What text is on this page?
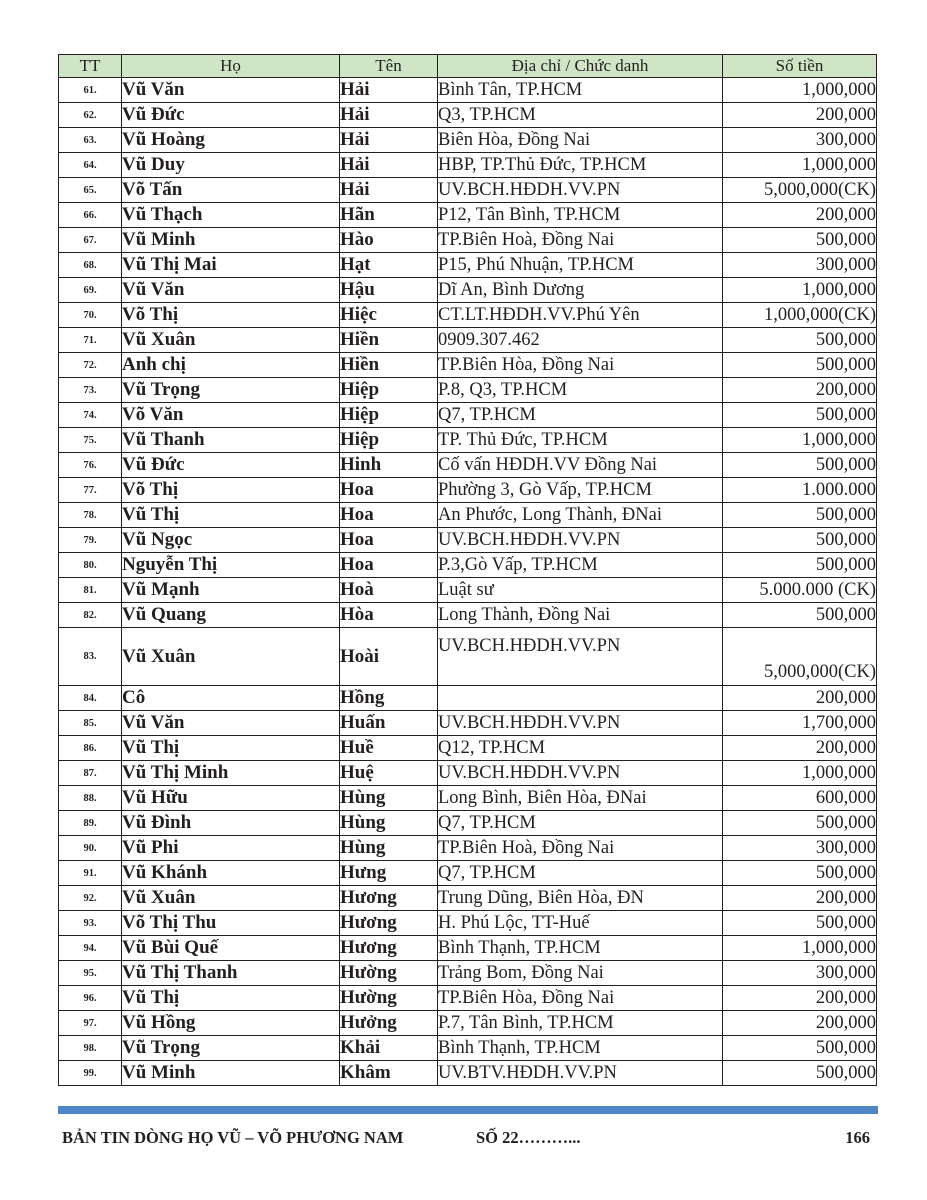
TT	Họ	Tên	Địa chỉ / Chức danh	Số tiền
61.	Vũ Văn	Hải	Bình Tân, TP.HCM	1,000,000
62.	Vũ Đức	Hải	Q3, TP.HCM	200,000
63.	Vũ Hoàng	Hải	Biên Hòa, Đồng Nai	300,000
64.	Vũ Duy	Hải	HBP, TP.Thủ Đức, TP.HCM	1,000,000
65.	Võ Tấn	Hải	UV.BCH.HĐDH.VV.PN	5,000,000(CK)
66.	Vũ Thạch	Hãn	P12, Tân Bình, TP.HCM	200,000
67.	Vũ Minh	Hào	TP.Biên Hoà, Đồng Nai	500,000
68.	Vũ Thị Mai	Hạt	P15, Phú Nhuận, TP.HCM	300,000
69.	Vũ Văn	Hậu	Dĩ An, Bình Dương	1,000,000
70.	Võ Thị	Hiệc	CT.LT.HĐDH.VV.Phú Yên	1,000,000(CK)
71.	Vũ Xuân	Hiền	0909.307.462	500,000
72.	Anh chị	Hiền	TP.Biên Hòa, Đồng Nai	500,000
73.	Vũ Trọng	Hiệp	P.8, Q3, TP.HCM	200,000
74.	Võ Văn	Hiệp	Q7, TP.HCM	500,000
75.	Vũ Thanh	Hiệp	TP. Thủ Đức, TP.HCM	1,000,000
76.	Vũ Đức	Hinh	Cố vấn HĐDH.VV Đồng Nai	500,000
77.	Võ Thị	Hoa	Phường 3, Gò Vấp, TP.HCM	1.000.000
78.	Vũ Thị	Hoa	An Phước, Long Thành, ĐNai	500,000
79.	Vũ Ngọc	Hoa	UV.BCH.HĐDH.VV.PN	500,000
80.	Nguyễn Thị	Hoa	P.3,Gò Vấp, TP.HCM	500,000
81.	Vũ Mạnh	Hoà	Luật sư	5.000.000 (CK)
82.	Vũ Quang	Hòa	Long Thành, Đồng Nai	500,000
83.	Vũ Xuân	Hoài	UV.BCH.HĐDH.VV.PN	5,000,000(CK)
84.	Cô	Hồng		200,000
85.	Vũ Văn	Huấn	UV.BCH.HĐDH.VV.PN	1,700,000
86.	Vũ Thị	Huề	Q12, TP.HCM	200,000
87.	Vũ Thị Minh	Huệ	UV.BCH.HĐDH.VV.PN	1,000,000
88.	Vũ Hữu	Hùng	Long Bình, Biên Hòa, ĐNai	600,000
89.	Vũ Đình	Hùng	Q7, TP.HCM	500,000
90.	Vũ Phi	Hùng	TP.Biên Hoà, Đồng Nai	300,000
91.	Vũ Khánh	Hưng	Q7, TP.HCM	500,000
92.	Vũ Xuân	Hương	Trung Dũng, Biên Hòa, ĐN	200,000
93.	Võ Thị Thu	Hương	H. Phú Lộc, TT-Huế	500,000
94.	Vũ Bùi Quế	Hương	Bình Thạnh, TP.HCM	1,000,000
95.	Vũ Thị Thanh	Hường	Trảng Bom, Đồng Nai	300,000
96.	Vũ Thị	Hường	TP.Biên Hòa, Đồng Nai	200,000
97.	Vũ Hồng	Hưởng	P.7, Tân Bình, TP.HCM	200,000
98.	Vũ Trọng	Khải	Bình Thạnh, TP.HCM	500,000
99.	Vũ Minh	Khâm	UV.BTV.HĐDH.VV.PN	500,000
BẢN TIN DÒNG HỌ VŨ – VÕ PHƯƠNG NAM	SỐ 22………...	166
